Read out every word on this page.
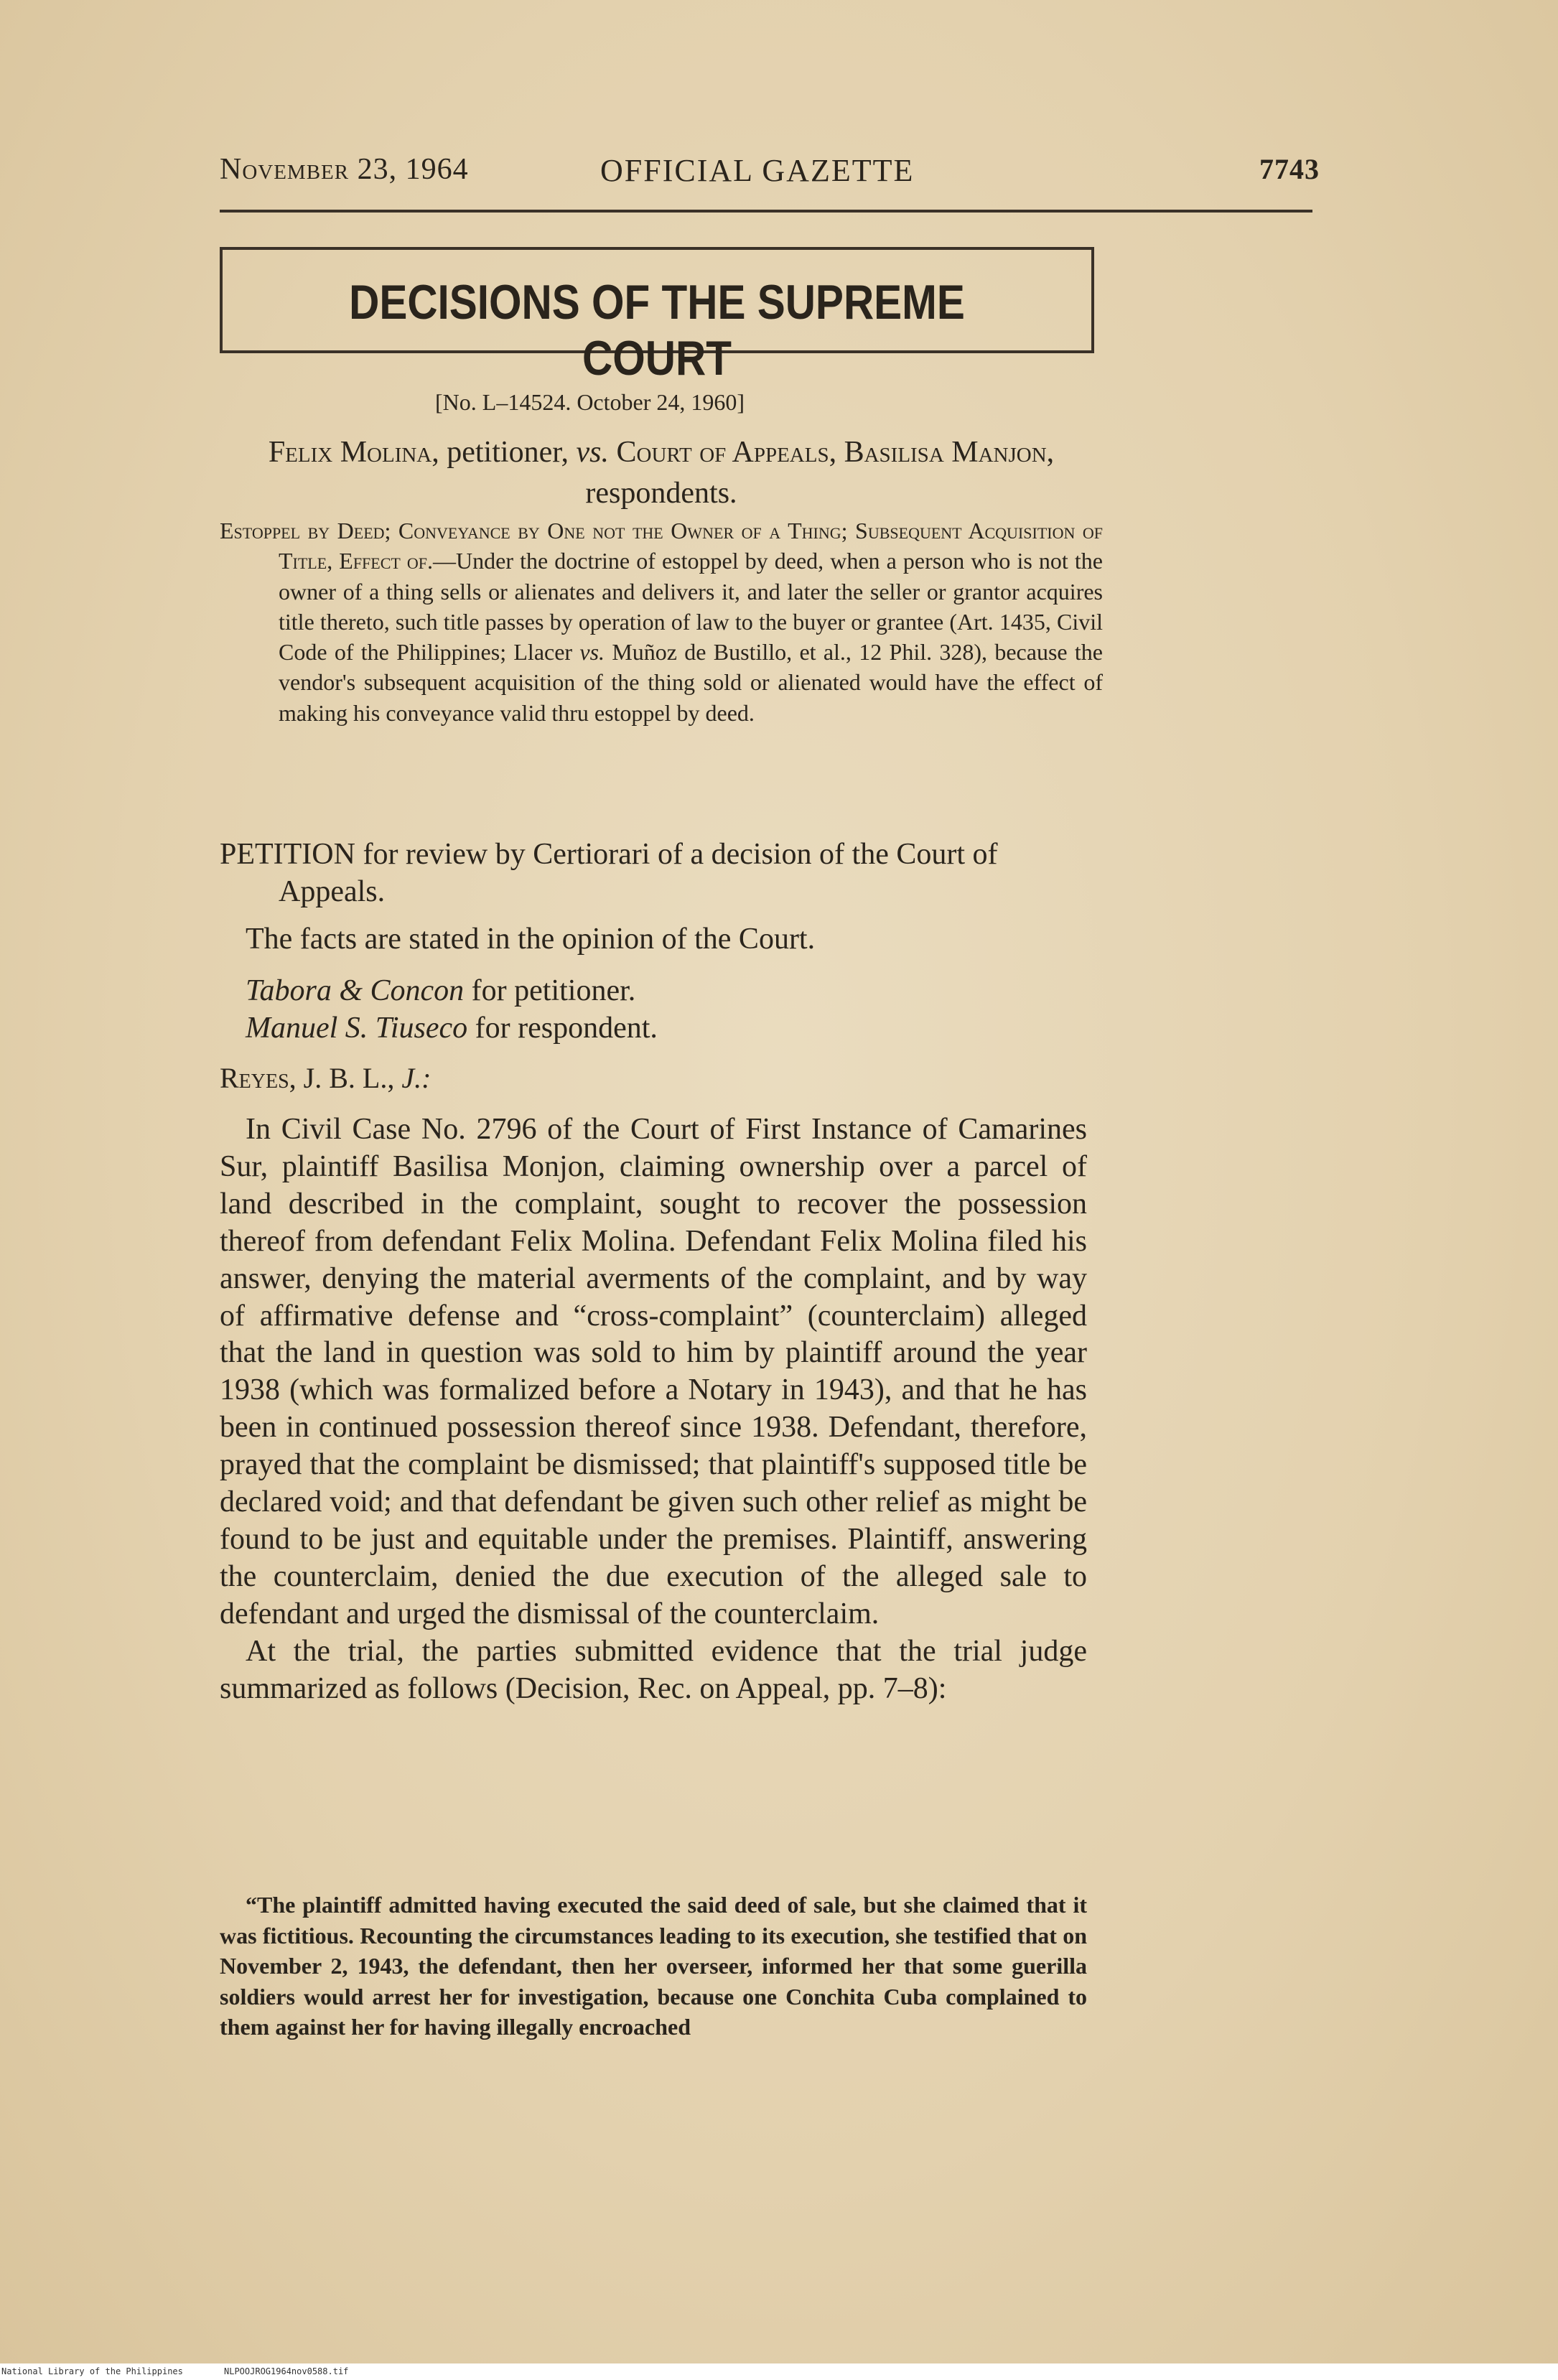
November 23, 1964	OFFICIAL GAZETTE	7743
DECISIONS OF THE SUPREME COURT
[No. L–14524. October 24, 1960]
Felix Molina, petitioner, vs. Court of Appeals, Basilisa Manjon, respondents.

Estoppel by Deed; Conveyance by One not the Owner of a Thing; Subsequent Acquisition of Title, Effect of.—Under the doctrine of estoppel by deed, when a person who is not the owner of a thing sells or alienates and delivers it, and later the seller or grantor acquires title thereto, such title passes by operation of law to the buyer or grantee (Art. 1435, Civil Code of the Philippines; Llacer vs. Muñoz de Bustillo, et al., 12 Phil. 328), because the vendor's subsequent acquisition of the thing sold or alienated would have the effect of making his conveyance valid thru estoppel by deed.

PETITION for review by Certiorari of a decision of the Court of Appeals.

The facts are stated in the opinion of the Court.
Tabora & Concon for petitioner.
Manuel S. Tiuseco for respondent.
Reyes, J. B. L., J.:

In Civil Case No. 2796 of the Court of First Instance of Camarines Sur, plaintiff Basilisa Monjon, claiming ownership over a parcel of land described in the complaint, sought to recover the possession thereof from defendant Felix Molina. Defendant Felix Molina filed his answer, denying the material averments of the complaint, and by way of affirmative defense and “cross-complaint” (counterclaim) alleged that the land in question was sold to him by plaintiff around the year 1938 (which was formalized before a Notary in 1943), and that he has been in continued possession thereof since 1938. Defendant, therefore, prayed that the complaint be dismissed; that plaintiff's supposed title be declared void; and that defendant be given such other relief as might be found to be just and equitable under the premises. Plaintiff, answering the counterclaim, denied the due execution of the alleged sale to defendant and urged the dismissal of the counterclaim.

At the trial, the parties submitted evidence that the trial judge summarized as follows (Decision, Rec. on Appeal, pp. 7–8):

“The plaintiff admitted having executed the said deed of sale, but she claimed that it was fictitious. Recounting the circumstances leading to its execution, she testified that on November 2, 1943, the defendant, then her overseer, informed her that some guerilla soldiers would arrest her for investigation, because one Conchita Cuba complained to them against her for having illegally encroached

National Library of the Philippines	NLPOOJROG1964nov0588.tif
